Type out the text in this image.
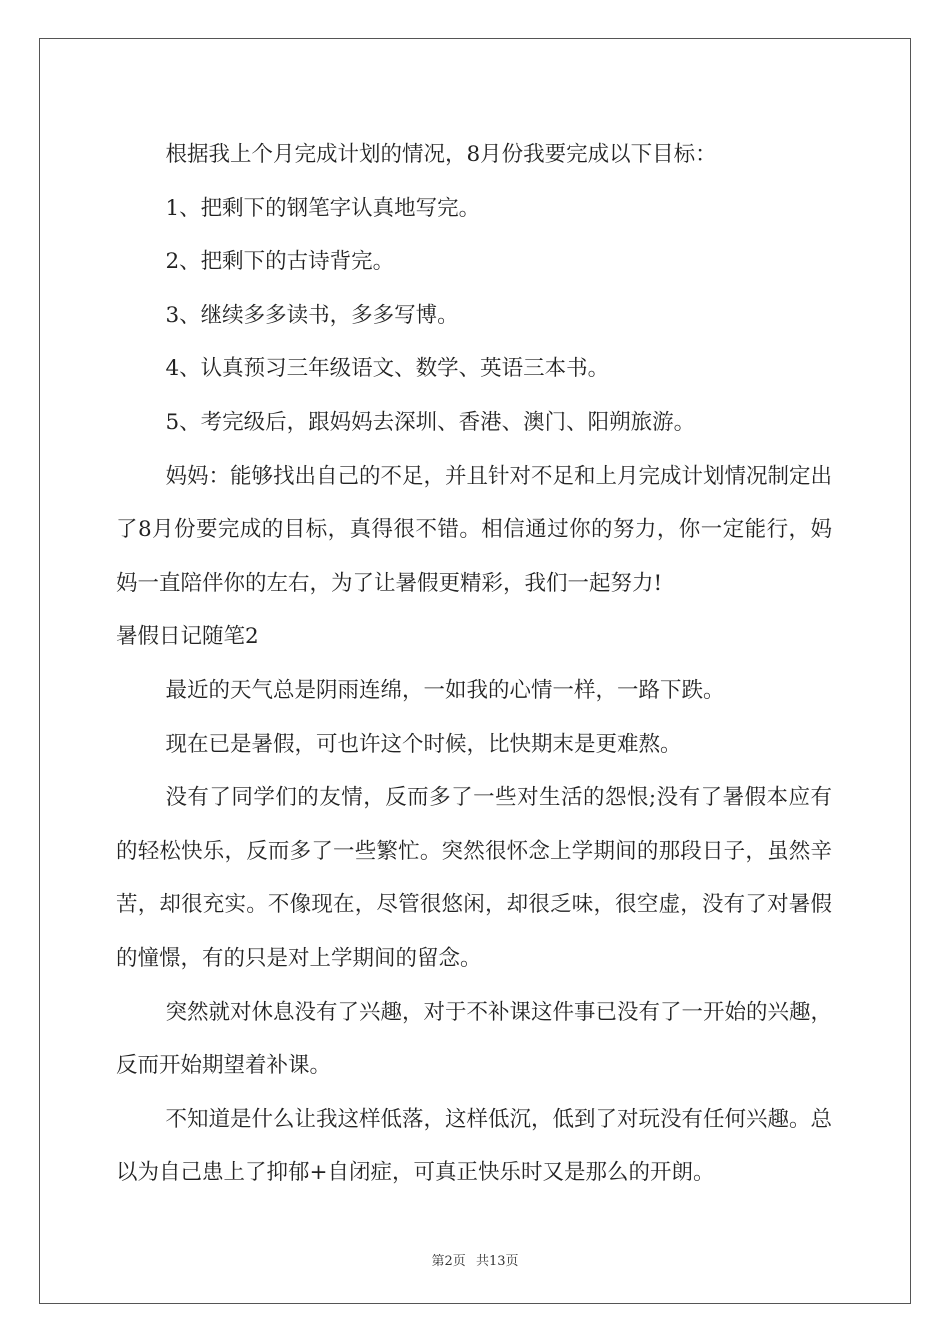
根据我上个月完成计划的情况，8月份我要完成以下目标：

1、把剩下的钢笔字认真地写完。

2、把剩下的古诗背完。

3、继续多多读书，多多写博。

4、认真预习三年级语文、数学、英语三本书。

5、考完级后，跟妈妈去深圳、香港、澳门、阳朔旅游。

妈妈：能够找出自己的不足，并且针对不足和上月完成计划情况制定出了8月份要完成的目标，真得很不错。相信通过你的努力，你一定能行，妈妈一直陪伴你的左右，为了让暑假更精彩，我们一起努力!

暑假日记随笔2

最近的天气总是阴雨连绵，一如我的心情一样，一路下跌。

现在已是暑假，可也许这个时候，比快期末是更难熬。

没有了同学们的友情，反而多了一些对生活的怨恨;没有了暑假本应有的轻松快乐，反而多了一些繁忙。突然很怀念上学期间的那段日子，虽然辛苦，却很充实。不像现在，尽管很悠闲，却很乏味，很空虚，没有了对暑假的憧憬，有的只是对上学期间的留念。

突然就对休息没有了兴趣，对于不补课这件事已没有了一开始的兴趣，反而开始期望着补课。

不知道是什么让我这样低落，这样低沉，低到了对玩没有任何兴趣。总以为自己患上了抑郁+自闭症，可真正快乐时又是那么的开朗。

第2页 共13页
